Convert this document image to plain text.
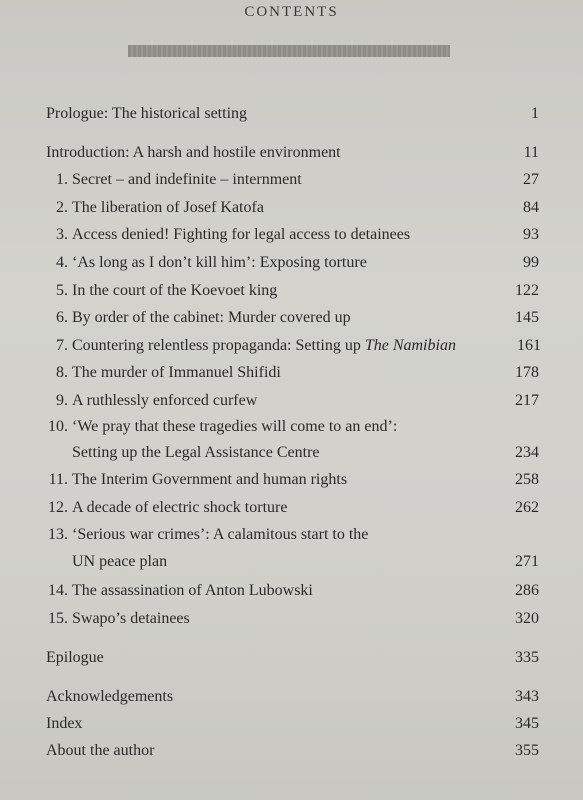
CONTENTS
Prologue: The historical setting	1
Introduction: A harsh and hostile environment	11
1. Secret – and indefinite – internment	27
2. The liberation of Josef Katofa	84
3. Access denied! Fighting for legal access to detainees	93
4. ‘As long as I don’t kill him’: Exposing torture	99
5. In the court of the Koevoet king	122
6. By order of the cabinet: Murder covered up	145
7. Countering relentless propaganda: Setting up The Namibian	161
8. The murder of Immanuel Shifidi	178
9. A ruthlessly enforced curfew	217
10. ‘We pray that these tragedies will come to an end’:
Setting up the Legal Assistance Centre	234
11. The Interim Government and human rights	258
12. A decade of electric shock torture	262
13. ‘Serious war crimes’: A calamitous start to the
UN peace plan	271
14. The assassination of Anton Lubowski	286
15. Swapo’s detainees	320
Epilogue	335
Acknowledgements	343
Index	345
About the author	355
